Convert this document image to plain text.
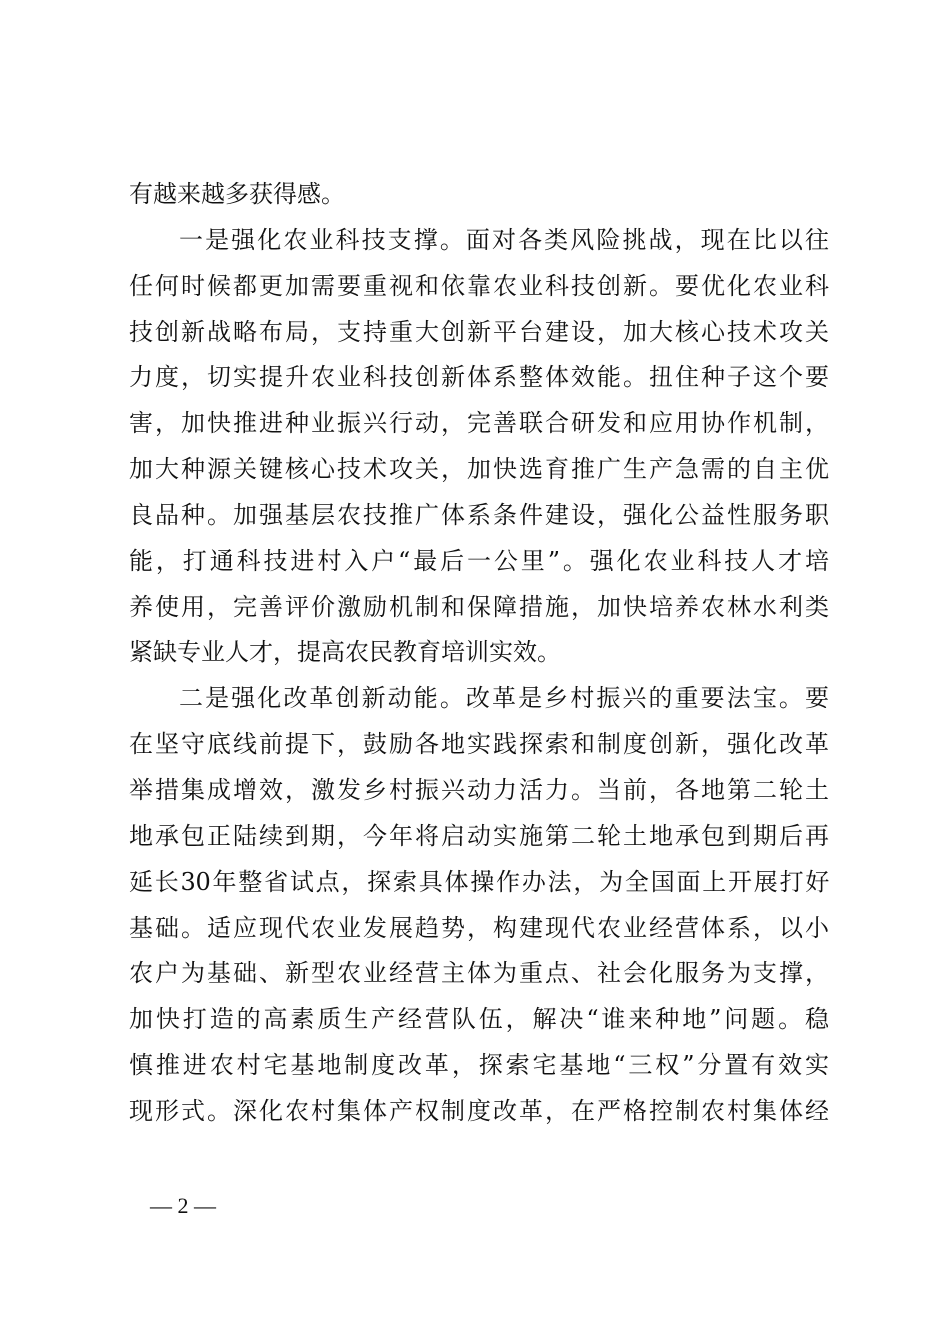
有越来越多获得感。
一是强化农业科技支撑。面对各类风险挑战，现在比以往
任何时候都更加需要重视和依靠农业科技创新。要优化农业科
技创新战略布局，支持重大创新平台建设，加大核心技术攻关
力度，切实提升农业科技创新体系整体效能。扭住种子这个要
害，加快推进种业振兴行动，完善联合研发和应用协作机制，
加大种源关键核心技术攻关，加快选育推广生产急需的自主优
良品种。加强基层农技推广体系条件建设，强化公益性服务职
能，打通科技进村入户“最后一公里”。强化农业科技人才培
养使用，完善评价激励机制和保障措施，加快培养农林水利类
紧缺专业人才，提高农民教育培训实效。
二是强化改革创新动能。改革是乡村振兴的重要法宝。要
在坚守底线前提下，鼓励各地实践探索和制度创新，强化改革
举措集成增效，激发乡村振兴动力活力。当前，各地第二轮土
地承包正陆续到期，今年将启动实施第二轮土地承包到期后再
延长30年整省试点，探索具体操作办法，为全国面上开展打好
基础。适应现代农业发展趋势，构建现代农业经营体系，以小
农户为基础、新型农业经营主体为重点、社会化服务为支撑，
加快打造的高素质生产经营队伍，解决“谁来种地”问题。稳
慎推进农村宅基地制度改革，探索宅基地“三权”分置有效实
现形式。深化农村集体产权制度改革，在严格控制农村集体经
— 2 —
